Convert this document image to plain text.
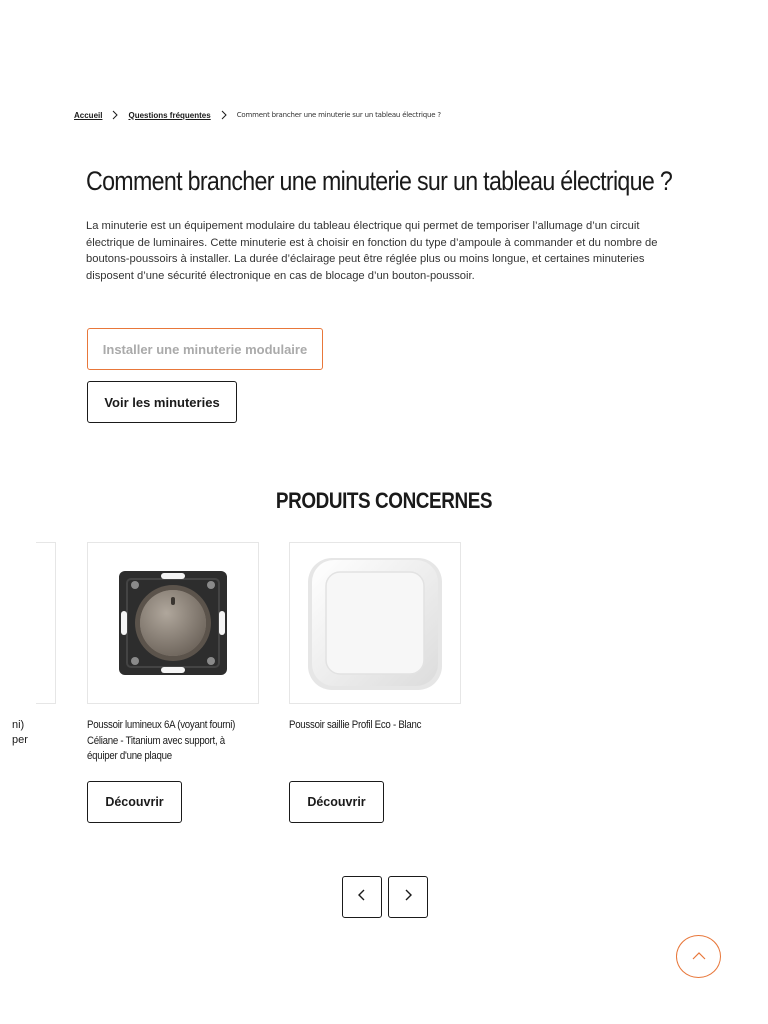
Accueil	Questions fréquentes	Comment brancher une minuterie sur un tableau électrique ?
Comment brancher une minuterie sur un tableau électrique ?

La minuterie est un équipement modulaire du tableau électrique qui permet de temporiser l’allumage d’un circuit électrique de luminaires. Cette minuterie est à choisir en fonction du type d’ampoule à commander et du nombre de boutons-poussoirs à installer. La durée d’éclairage peut être réglée plus ou moins longue, et certaines minuteries disposent d’une sécurité électronique en cas de blocage d’un bouton-poussoir.

Installer une minuterie modulaire
Voir les minuteries
PRODUITS CONCERNES
ni)
per
Poussoir lumineux 6A (voyant fourni) Céliane - Titanium avec support, à équiper d'une plaque
Découvrir
Poussoir saillie Profil Eco - Blanc
Découvrir
